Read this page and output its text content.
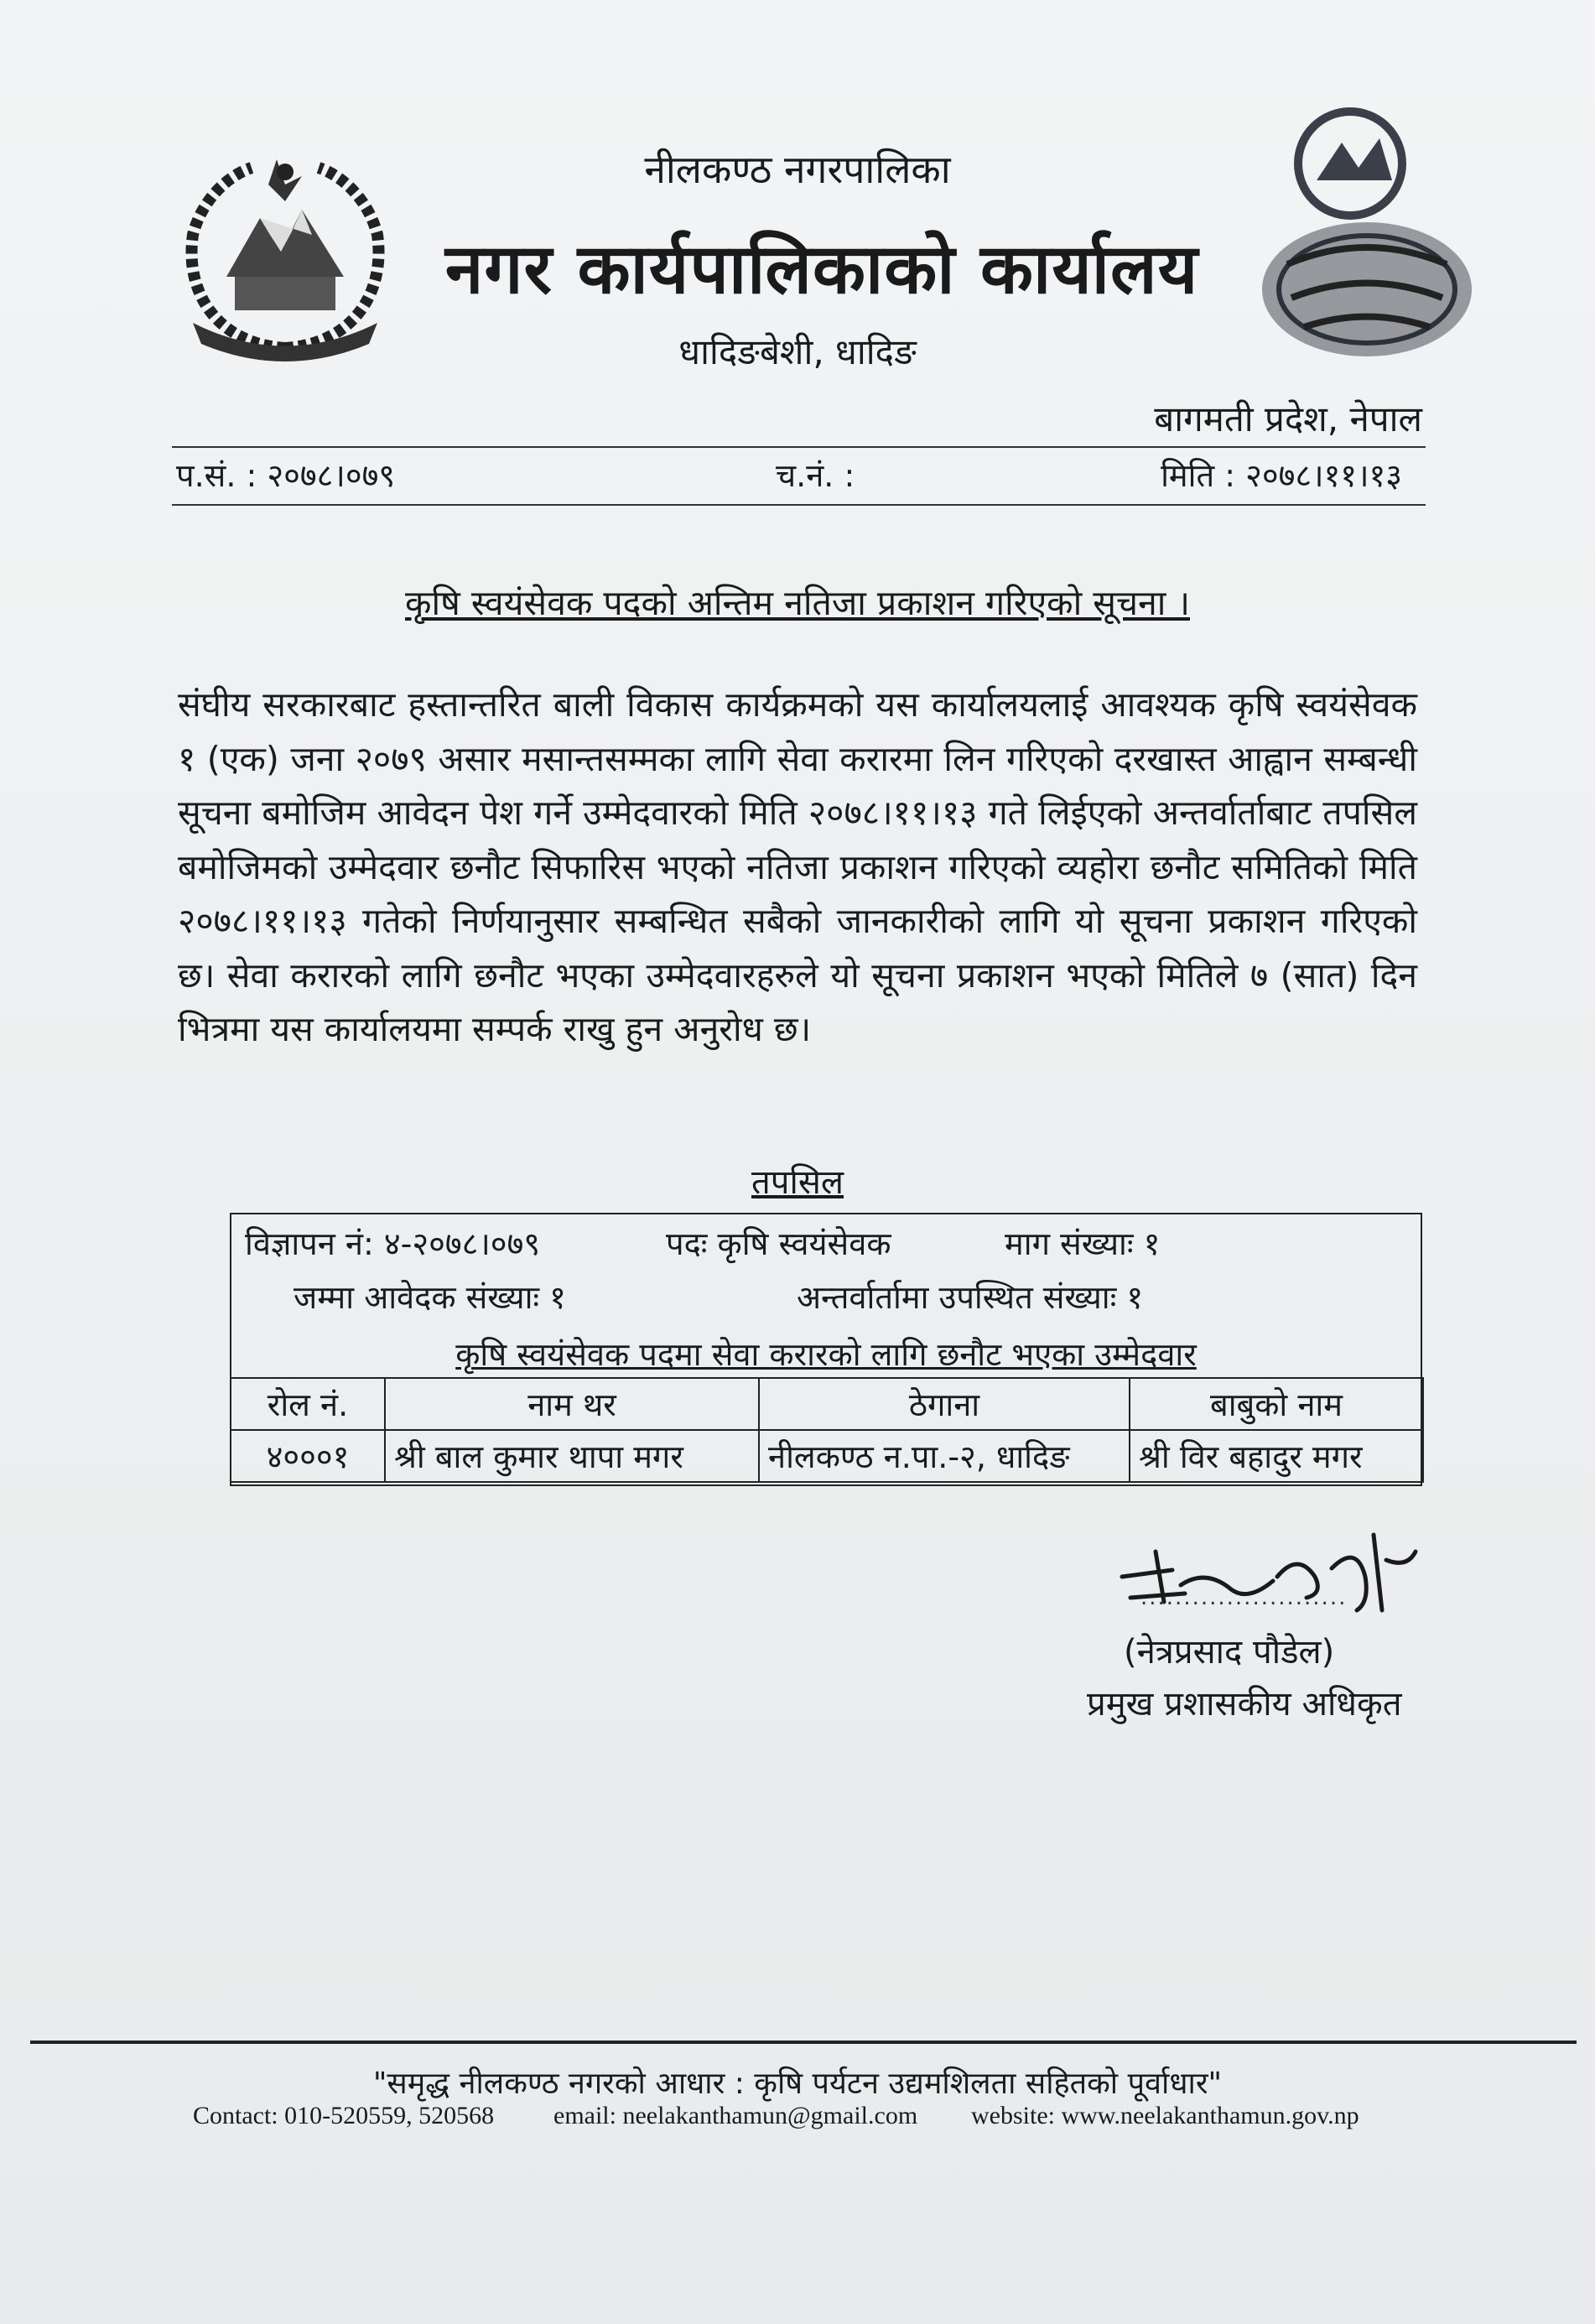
नीलकण्ठ नगरपालिका
नगर कार्यपालिकाको कार्यालय
धादिङबेशी, धादिङ
बागमती प्रदेश, नेपाल
प.सं. : २०७८।०७९	च.नं. :	मिति : २०७८।११।१३
कृषि स्वयंसेवक पदको अन्तिम नतिजा प्रकाशन गरिएको सूचना ।
संघीय सरकारबाट हस्तान्तरित बाली विकास कार्यक्रमको यस कार्यालयलाई आवश्यक कृषि स्वयंसेवक १ (एक) जना २०७९ असार मसान्तसम्मका लागि सेवा करारमा लिन गरिएको दरखास्त आह्वान सम्बन्धी सूचना बमोजिम आवेदन पेश गर्ने उम्मेदवारको मिति २०७८।११।१३ गते लिईएको अन्तर्वार्ताबाट तपसिल बमोजिमको उम्मेदवार छनौट सिफारिस भएको नतिजा प्रकाशन गरिएको व्यहोरा छनौट समितिको मिति २०७८।११।१३ गतेको निर्णयानुसार सम्बन्धित सबैको जानकारीको लागि यो सूचना प्रकाशन गरिएको छ। सेवा करारको लागि छनौट भएका उम्मेदवारहरुले यो सूचना प्रकाशन भएको मितिले ७ (सात) दिन भित्रमा यस कार्यालयमा सम्पर्क राखु हुन अनुरोध छ।
तपसिल
विज्ञापन नं: ४-२०७८।०७९	पदः कृषि स्वयंसेवक	माग संख्याः १
जम्मा आवेदक संख्याः १	अन्तर्वार्तामा उपस्थित संख्याः १
कृषि स्वयंसेवक पदमा सेवा करारको लागि छनौट भएका उम्मेदवार
रोल नं.	नाम थर	ठेगाना	बाबुको नाम
४०००१	श्री बाल कुमार थापा मगर	नीलकण्ठ न.पा.-२, धादिङ	श्री विर बहादुर मगर
........................
(नेत्रप्रसाद पौडेल)
प्रमुख प्रशासकीय अधिकृत
"समृद्ध नीलकण्ठ नगरको आधार : कृषि पर्यटन उद्यमशिलता सहितको पूर्वाधार"
Contact: 010-520559, 520568 email: neelakanthamun@gmail.com website: www.neelakanthamun.gov.np
